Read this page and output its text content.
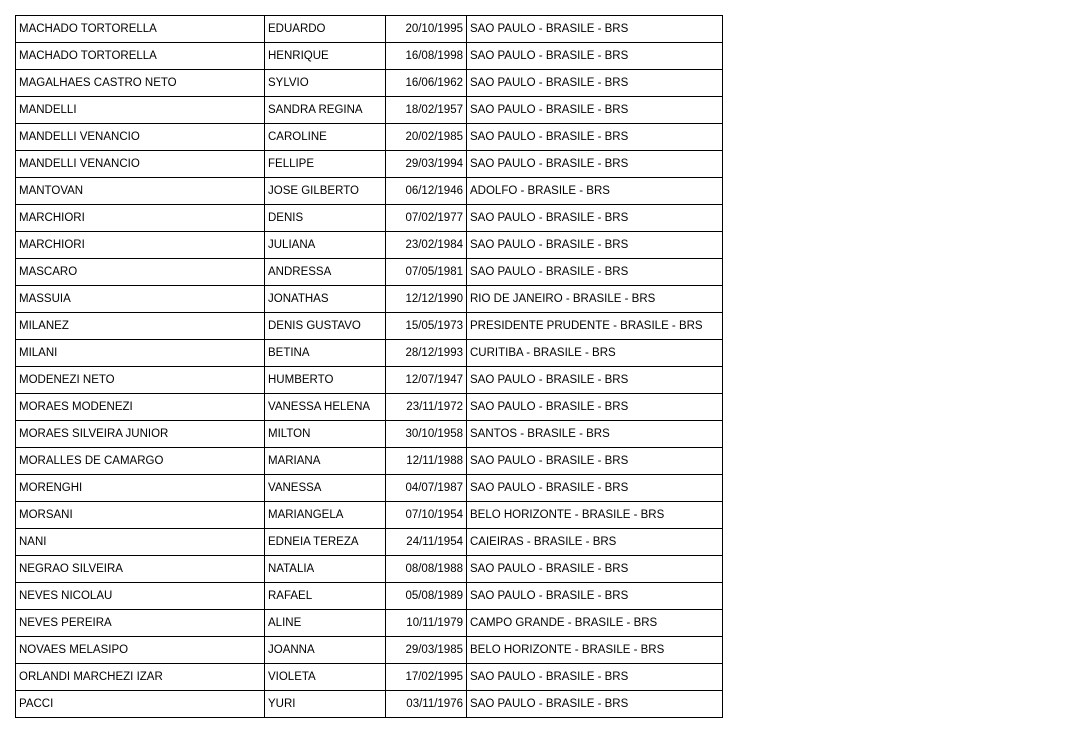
MACHADO TORTORELLA	EDUARDO	20/10/1995	SAO PAULO - BRASILE - BRS
MACHADO TORTORELLA	HENRIQUE	16/08/1998	SAO PAULO - BRASILE - BRS
MAGALHAES CASTRO NETO	SYLVIO	16/06/1962	SAO PAULO - BRASILE - BRS
MANDELLI	SANDRA REGINA	18/02/1957	SAO PAULO - BRASILE - BRS
MANDELLI VENANCIO	CAROLINE	20/02/1985	SAO PAULO - BRASILE - BRS
MANDELLI VENANCIO	FELLIPE	29/03/1994	SAO PAULO - BRASILE - BRS
MANTOVAN	JOSE GILBERTO	06/12/1946	ADOLFO - BRASILE - BRS
MARCHIORI	DENIS	07/02/1977	SAO PAULO - BRASILE - BRS
MARCHIORI	JULIANA	23/02/1984	SAO PAULO - BRASILE - BRS
MASCARO	ANDRESSA	07/05/1981	SAO PAULO - BRASILE - BRS
MASSUIA	JONATHAS	12/12/1990	RIO DE JANEIRO - BRASILE - BRS
MILANEZ	DENIS GUSTAVO	15/05/1973	PRESIDENTE PRUDENTE - BRASILE - BRS
MILANI	BETINA	28/12/1993	CURITIBA - BRASILE - BRS
MODENEZI NETO	HUMBERTO	12/07/1947	SAO PAULO - BRASILE - BRS
MORAES MODENEZI	VANESSA HELENA	23/11/1972	SAO PAULO - BRASILE - BRS
MORAES SILVEIRA JUNIOR	MILTON	30/10/1958	SANTOS - BRASILE - BRS
MORALLES DE CAMARGO	MARIANA	12/11/1988	SAO PAULO - BRASILE - BRS
MORENGHI	VANESSA	04/07/1987	SAO PAULO - BRASILE - BRS
MORSANI	MARIANGELA	07/10/1954	BELO HORIZONTE - BRASILE - BRS
NANI	EDNEIA TEREZA	24/11/1954	CAIEIRAS - BRASILE - BRS
NEGRAO SILVEIRA	NATALIA	08/08/1988	SAO PAULO - BRASILE - BRS
NEVES NICOLAU	RAFAEL	05/08/1989	SAO PAULO - BRASILE - BRS
NEVES PEREIRA	ALINE	10/11/1979	CAMPO GRANDE - BRASILE - BRS
NOVAES MELASIPO	JOANNA	29/03/1985	BELO HORIZONTE - BRASILE - BRS
ORLANDI MARCHEZI IZAR	VIOLETA	17/02/1995	SAO PAULO - BRASILE - BRS
PACCI	YURI	03/11/1976	SAO PAULO - BRASILE - BRS
